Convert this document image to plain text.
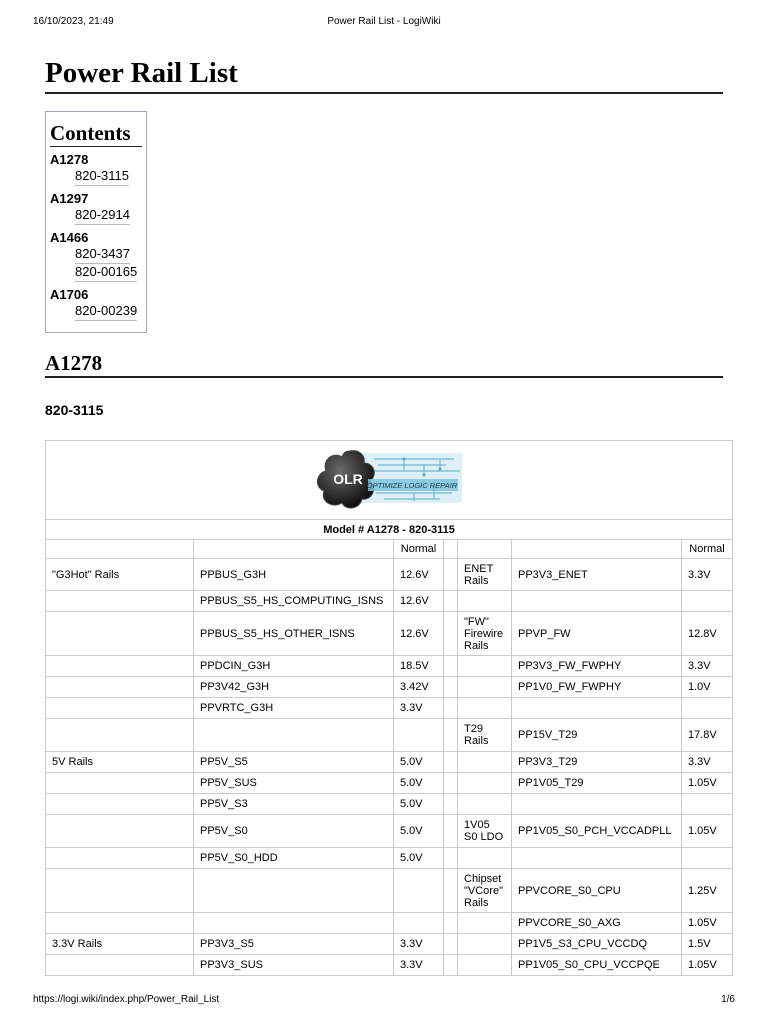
16/10/2023, 21:49	Power Rail List - LogiWiki
Power Rail List
Contents
A1278
820-3115
A1297
820-2914
A1466
820-3437
820-00165
A1706
820-00239
A1278
820-3115
OLR OPTIMIZE LOGIC REPAIR						

Model # A1278 - 820-3115						
		Normal				Normal
"G3Hot" Rails	PPBUS_G3H	12.6V		ENET Rails	PP3V3_ENET	3.3V
	PPBUS_S5_HS_COMPUTING_ISNS	12.6V				
	PPBUS_S5_HS_OTHER_ISNS	12.6V		"FW" Firewire Rails	PPVP_FW	12.8V
	PPDCIN_G3H	18.5V			PP3V3_FW_FWPHY	3.3V
	PP3V42_G3H	3.42V			PP1V0_FW_FWPHY	1.0V
	PPVRTC_G3H	3.3V				
				T29 Rails	PP15V_T29	17.8V
5V Rails	PP5V_S5	5.0V			PP3V3_T29	3.3V
	PP5V_SUS	5.0V			PP1V05_T29	1.05V
	PP5V_S3	5.0V				
	PP5V_S0	5.0V		1V05 S0 LDO	PP1V05_S0_PCH_VCCADPLL	1.05V
	PP5V_S0_HDD	5.0V				
				Chipset "VCore" Rails	PPVCORE_S0_CPU	1.25V
					PPVCORE_S0_AXG	1.05V
3.3V Rails	PP3V3_S5	3.3V			PP1V5_S3_CPU_VCCDQ	1.5V
	PP3V3_SUS	3.3V			PP1V05_S0_CPU_VCCPQE	1.05V
https://logi.wiki/index.php/Power_Rail_List	1/6
